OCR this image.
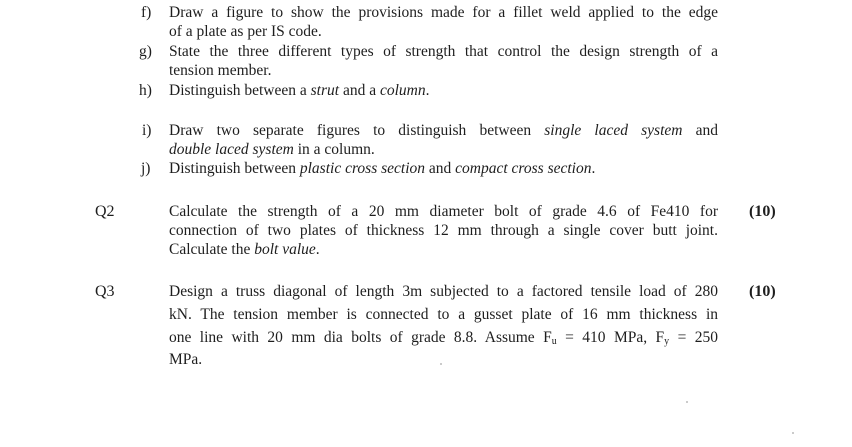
f) Draw a figure to show the provisions made for a fillet weld applied to the edge
of a plate as per IS code.
g) State the three different types of strength that control the design strength of a
tension member.
h) Distinguish between a strut and a column.
i) Draw two separate figures to distinguish between single laced system and
double laced system in a column.
j) Distinguish between plastic cross section and compact cross section.
Q2	Calculate the strength of a 20 mm diameter bolt of grade 4.6 of Fe410 for
connection of two plates of thickness 12 mm through a single cover butt joint.
Calculate the bolt value.
(10)
Q3	Design a truss diagonal of length 3m subjected to a factored tensile load of 280
kN. The tension member is connected to a gusset plate of 16 mm thickness in
one line with 20 mm dia bolts of grade 8.8. Assume $F_u = 410$ MPa, $F_y = 250$
MPa.
(10)
